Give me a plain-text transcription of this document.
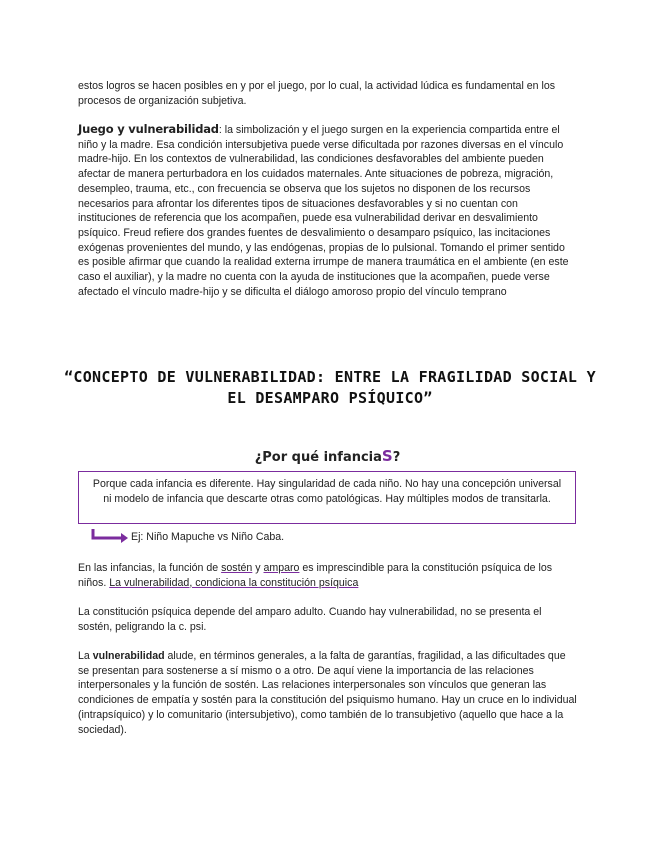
estos logros se hacen posibles en y por el juego, por lo cual, la actividad lúdica es fundamental en los procesos de organización subjetiva.
Juego y vulnerabilidad: la simbolización y el juego surgen en la experiencia compartida entre el niño y la madre. Esa condición intersubjetiva puede verse dificultada por razones diversas en el vínculo madre-hijo. En los contextos de vulnerabilidad, las condiciones desfavorables del ambiente pueden afectar de manera perturbadora en los cuidados maternales. Ante situaciones de pobreza, migración, desempleo, trauma, etc., con frecuencia se observa que los sujetos no disponen de los recursos necesarios para afrontar los diferentes tipos de situaciones desfavorables y si no cuentan con instituciones de referencia que los acompañen, puede esa vulnerabilidad derivar en desvalimiento psíquico. Freud refiere dos grandes fuentes de desvalimiento o desamparo psíquico, las incitaciones exógenas provenientes del mundo, y las endógenas, propias de lo pulsional. Tomando el primer sentido es posible afirmar que cuando la realidad externa irrumpe de manera traumática en el ambiente (en este caso el auxiliar), y la madre no cuenta con la ayuda de instituciones que la acompañen, puede verse afectado el vínculo madre-hijo y se dificulta el diálogo amoroso propio del vínculo temprano
“CONCEPTO DE VULNERABILIDAD: ENTRE LA FRAGILIDAD SOCIAL Y EL DESAMPARO PSÍQUICO”
¿Por qué infanciaS?
Porque cada infancia es diferente. Hay singularidad de cada niño. No hay una concepción universal ni modelo de infancia que descarte otras como patológicas. Hay múltiples modos de transitarla.
Ej: Niño Mapuche vs Niño Caba.
En las infancias, la función de sostén y amparo es imprescindible para la constitución psíquica de los niños. La vulnerabilidad, condiciona la constitución psíquica
La constitución psíquica depende del amparo adulto. Cuando hay vulnerabilidad, no se presenta el sostén, peligrando la c. psi.
La vulnerabilidad alude, en términos generales, a la falta de garantías, fragilidad, a las dificultades que se presentan para sostenerse a sí mismo o a otro. De aquí viene la importancia de las relaciones interpersonales y la función de sostén. Las relaciones interpersonales son vínculos que generan las condiciones de empatía y sostén para la constitución del psiquismo humano. Hay un cruce en lo individual (intrapsíquico) y lo comunitario (intersubjetivo), como también de lo transubjetivo (aquello que hace a la sociedad).
